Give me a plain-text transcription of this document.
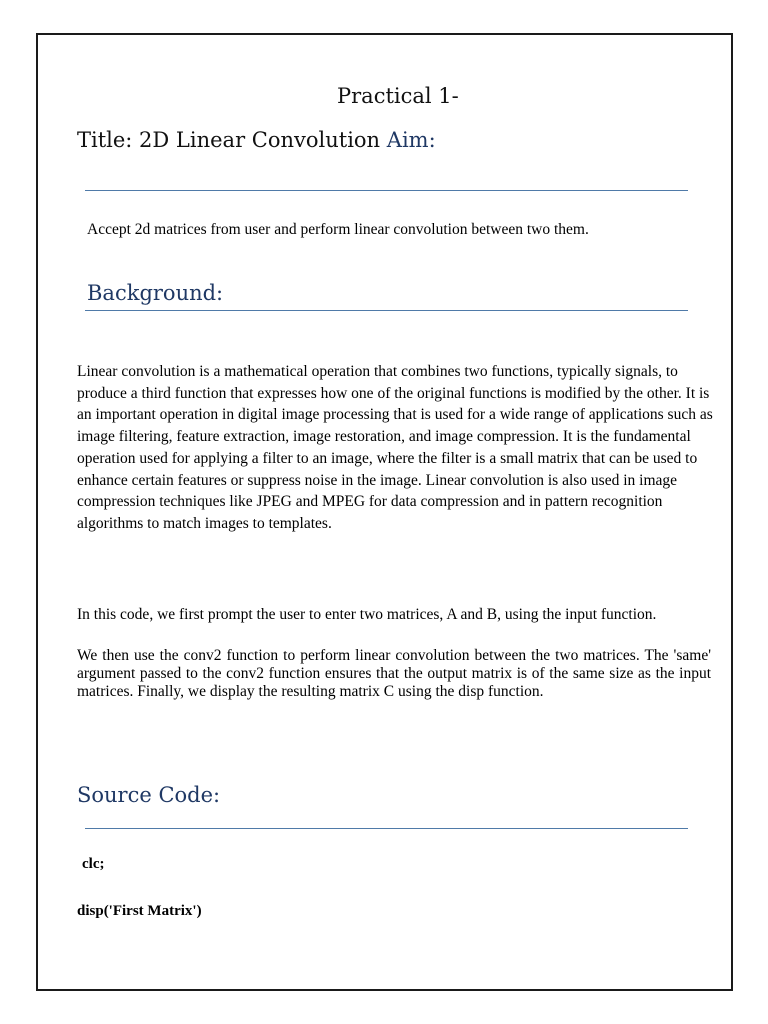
Practical 1-
Title: 2D Linear Convolution Aim:
Accept 2d matrices from user and perform linear convolution between two them.
Background:
Linear convolution is a mathematical operation that combines two functions, typically signals, to produce a third function that expresses how one of the original functions is modified by the other. It is an important operation in digital image processing that is used for a wide range of applications such as image filtering, feature extraction, image restoration, and image compression. It is the fundamental operation used for applying a filter to an image, where the filter is a small matrix that can be used to enhance certain features or suppress noise in the image. Linear convolution is also used in image compression techniques like JPEG and MPEG for data compression and in pattern recognition algorithms to match images to templates.
In this code, we first prompt the user to enter two matrices, A and B, using the input function.
We then use the conv2 function to perform linear convolution between the two matrices. The 'same' argument passed to the conv2 function ensures that the output matrix is of the same size as the input matrices. Finally, we display the resulting matrix C using the disp function.
Source Code:
clc;
disp('First Matrix')
